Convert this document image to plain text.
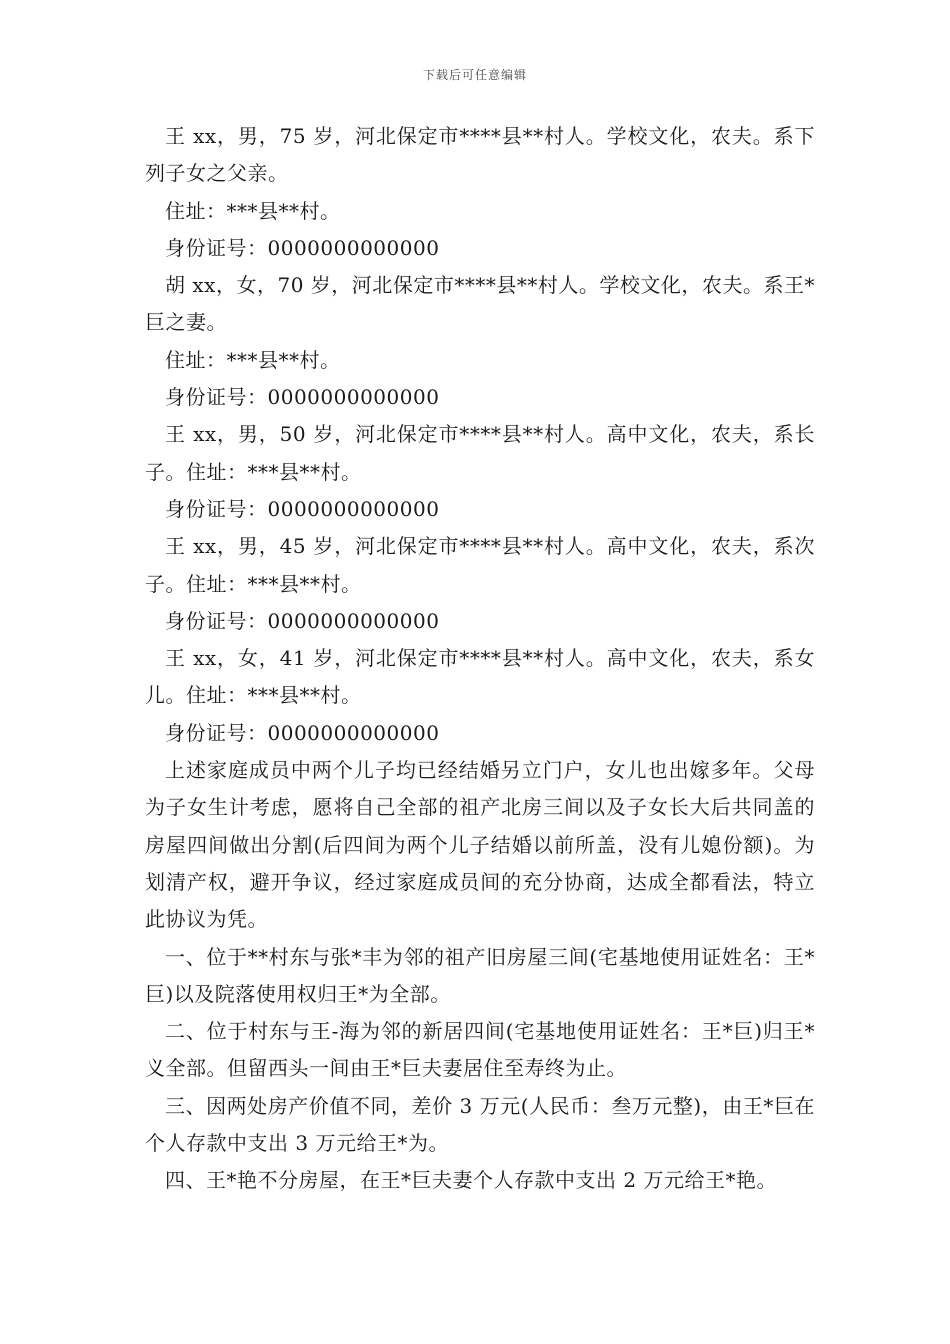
下载后可任意编辑

王 xx，男，75 岁，河北保定市****县**村人。学校文化，农夫。系下列子女之父亲。

住址：***县**村。

身份证号：0000000000000

胡 xx，女，70 岁，河北保定市****县**村人。学校文化，农夫。系王*巨之妻。

住址：***县**村。

身份证号：0000000000000

王 xx，男，50 岁，河北保定市****县**村人。高中文化，农夫，系长子。住址：***县**村。

身份证号：0000000000000

王 xx，男，45 岁，河北保定市****县**村人。高中文化，农夫，系次子。住址：***县**村。

身份证号：0000000000000

王 xx，女，41 岁，河北保定市****县**村人。高中文化，农夫，系女儿。住址：***县**村。

身份证号：0000000000000

上述家庭成员中两个儿子均已经结婚另立门户，女儿也出嫁多年。父母为子女生计考虑，愿将自己全部的祖产北房三间以及子女长大后共同盖的房屋四间做出分割(后四间为两个儿子结婚以前所盖，没有儿媳份额)。为划清产权，避开争议，经过家庭成员间的充分协商，达成全都看法，特立此协议为凭。

一、位于**村东与张*丰为邻的祖产旧房屋三间(宅基地使用证姓名：王*巨)以及院落使用权归王*为全部。

二、位于村东与王-海为邻的新居四间(宅基地使用证姓名：王*巨)归王*义全部。但留西头一间由王*巨夫妻居住至寿终为止。

三、因两处房产价值不同，差价 3 万元(人民币：叁万元整)，由王*巨在个人存款中支出 3 万元给王*为。

四、王*艳不分房屋，在王*巨夫妻个人存款中支出 2 万元给王*艳。
